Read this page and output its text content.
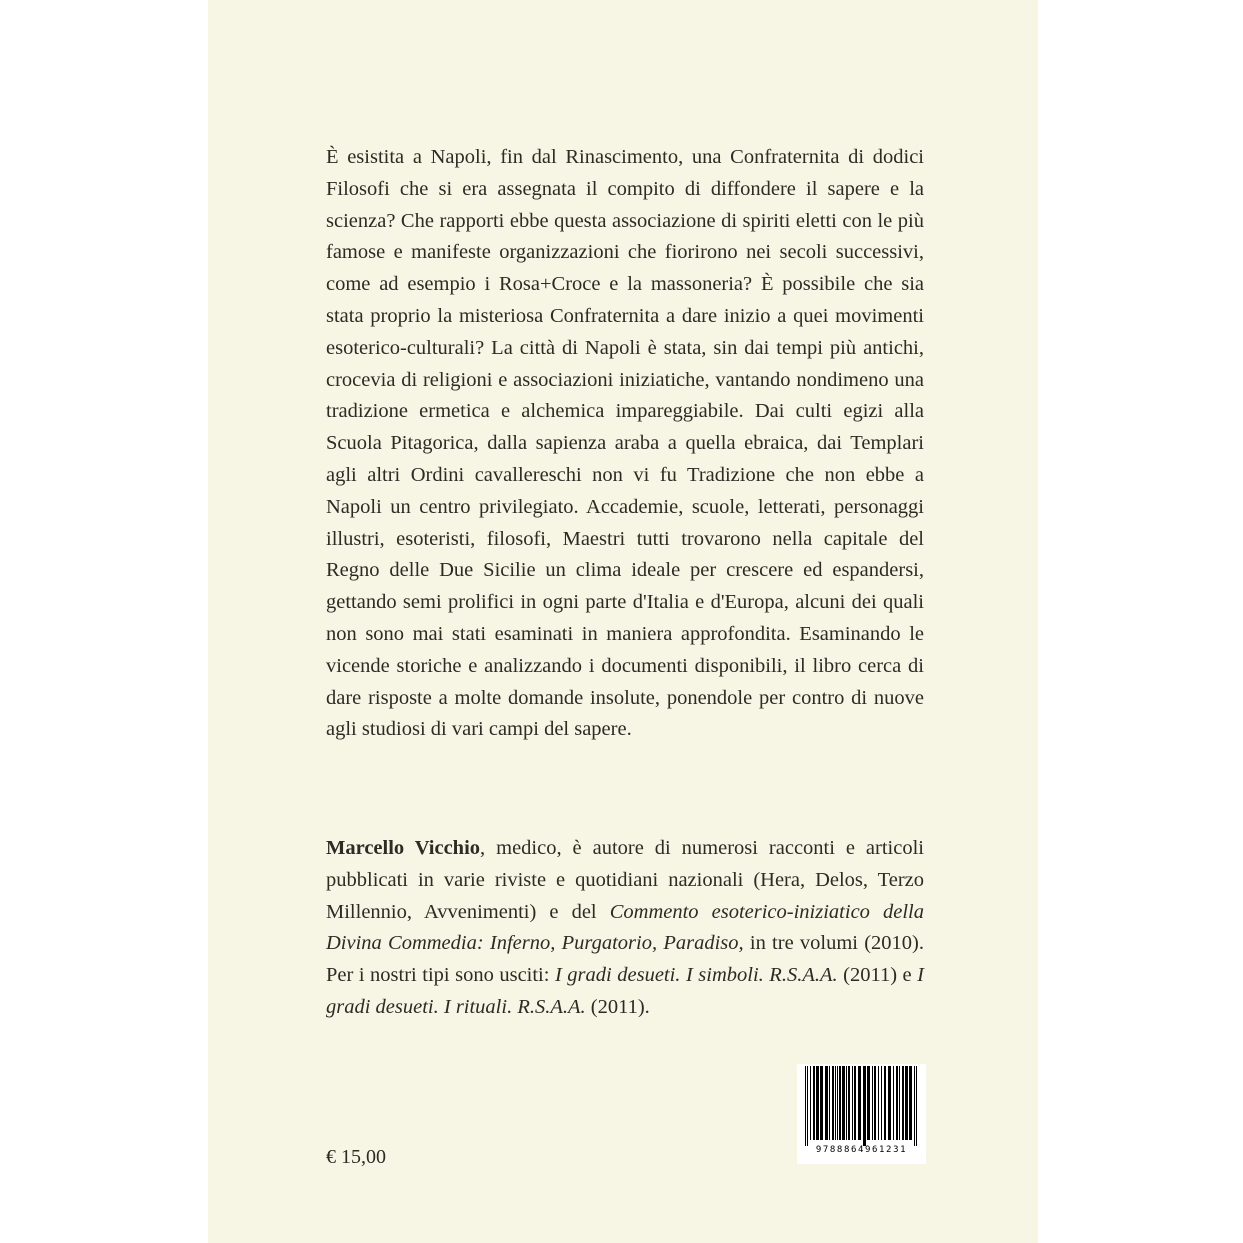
È esistita a Napoli, fin dal Rinascimento, una Confraternita di dodici Filosofi che si era assegnata il compito di diffondere il sapere e la scienza? Che rapporti ebbe questa associazione di spiriti eletti con le più famose e manifeste organizzazioni che fiorirono nei secoli successivi, come ad esempio i Rosa+Croce e la massoneria? È possibile che sia stata proprio la misteriosa Confraternita a dare inizio a quei movimenti esoterico-culturali? La città di Napoli è stata, sin dai tempi più antichi, crocevia di religioni e associazioni iniziatiche, vantando nondimeno una tradizione ermetica e alchemica impareggiabile. Dai culti egizi alla Scuola Pitagorica, dalla sapienza araba a quella ebraica, dai Templari agli altri Ordini cavallereschi non vi fu Tradizione che non ebbe a Napoli un centro privilegiato. Accademie, scuole, letterati, personaggi illustri, esoteristi, filosofi, Maestri tutti trovarono nella capitale del Regno delle Due Sicilie un clima ideale per crescere ed espandersi, gettando semi prolifici in ogni parte d'Italia e d'Europa, alcuni dei quali non sono mai stati esaminati in maniera approfondita. Esaminando le vicende storiche e analizzando i documenti disponibili, il libro cerca di dare risposte a molte domande insolute, ponendole per contro di nuove agli studiosi di vari campi del sapere.

Marcello Vicchio, medico, è autore di numerosi racconti e articoli pubblicati in varie riviste e quotidiani nazionali (Hera, Delos, Terzo Millennio, Avvenimenti) e del Commento esoterico-iniziatico della Divina Commedia: Inferno, Purgatorio, Paradiso, in tre volumi (2010). Per i nostri tipi sono usciti: I gradi desueti. I simboli. R.S.A.A. (2011) e I gradi desueti. I rituali. R.S.A.A. (2011).

€ 15,00	9788864961231
